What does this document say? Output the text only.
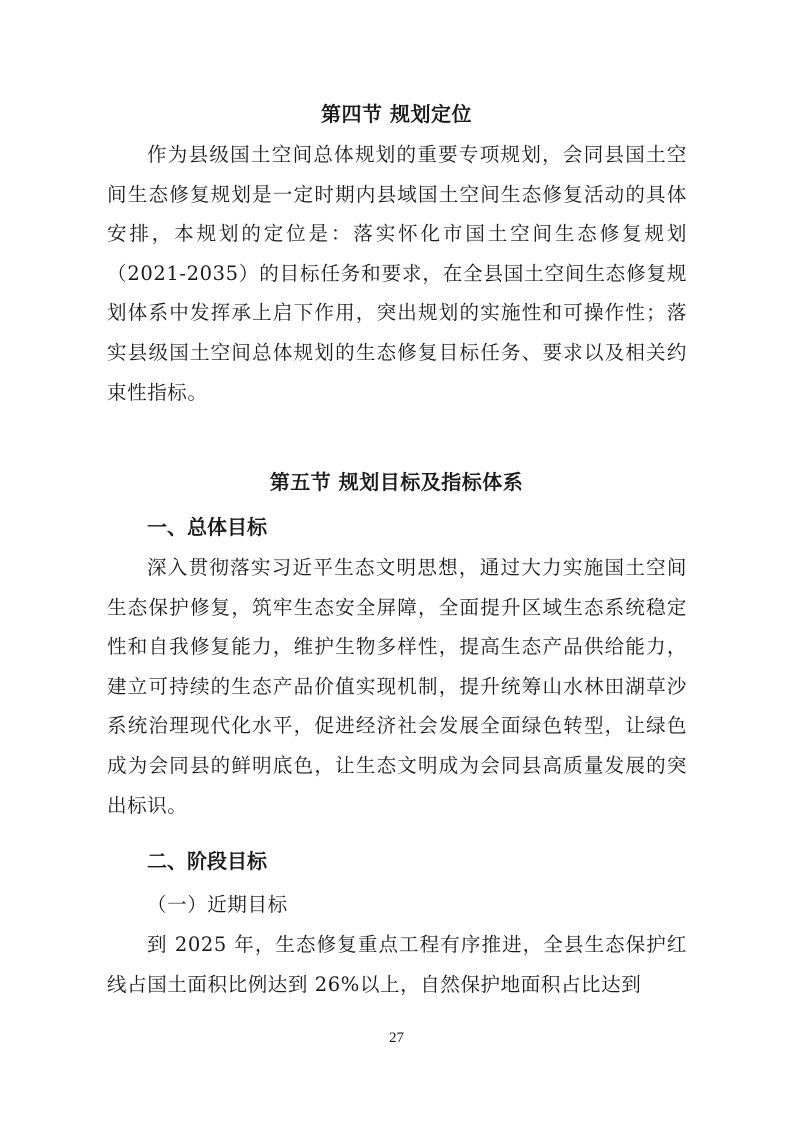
第四节 规划定位

作为县级国土空间总体规划的重要专项规划，会同县国土空间生态修复规划是一定时期内县域国土空间生态修复活动的具体安排，本规划的定位是：落实怀化市国土空间生态修复规划（2021-2035）的目标任务和要求，在全县国土空间生态修复规划体系中发挥承上启下作用，突出规划的实施性和可操作性；落实县级国土空间总体规划的生态修复目标任务、要求以及相关约束性指标。

第五节 规划目标及指标体系
一、总体目标

深入贯彻落实习近平生态文明思想，通过大力实施国土空间生态保护修复，筑牢生态安全屏障，全面提升区域生态系统稳定性和自我修复能力，维护生物多样性，提高生态产品供给能力，建立可持续的生态产品价值实现机制，提升统筹山水林田湖草沙系统治理现代化水平，促进经济社会发展全面绿色转型，让绿色成为会同县的鲜明底色，让生态文明成为会同县高质量发展的突出标识。

二、阶段目标

（一）近期目标

到 2025 年，生态修复重点工程有序推进，全县生态保护红线占国土面积比例达到 26%以上，自然保护地面积占比达到

27
